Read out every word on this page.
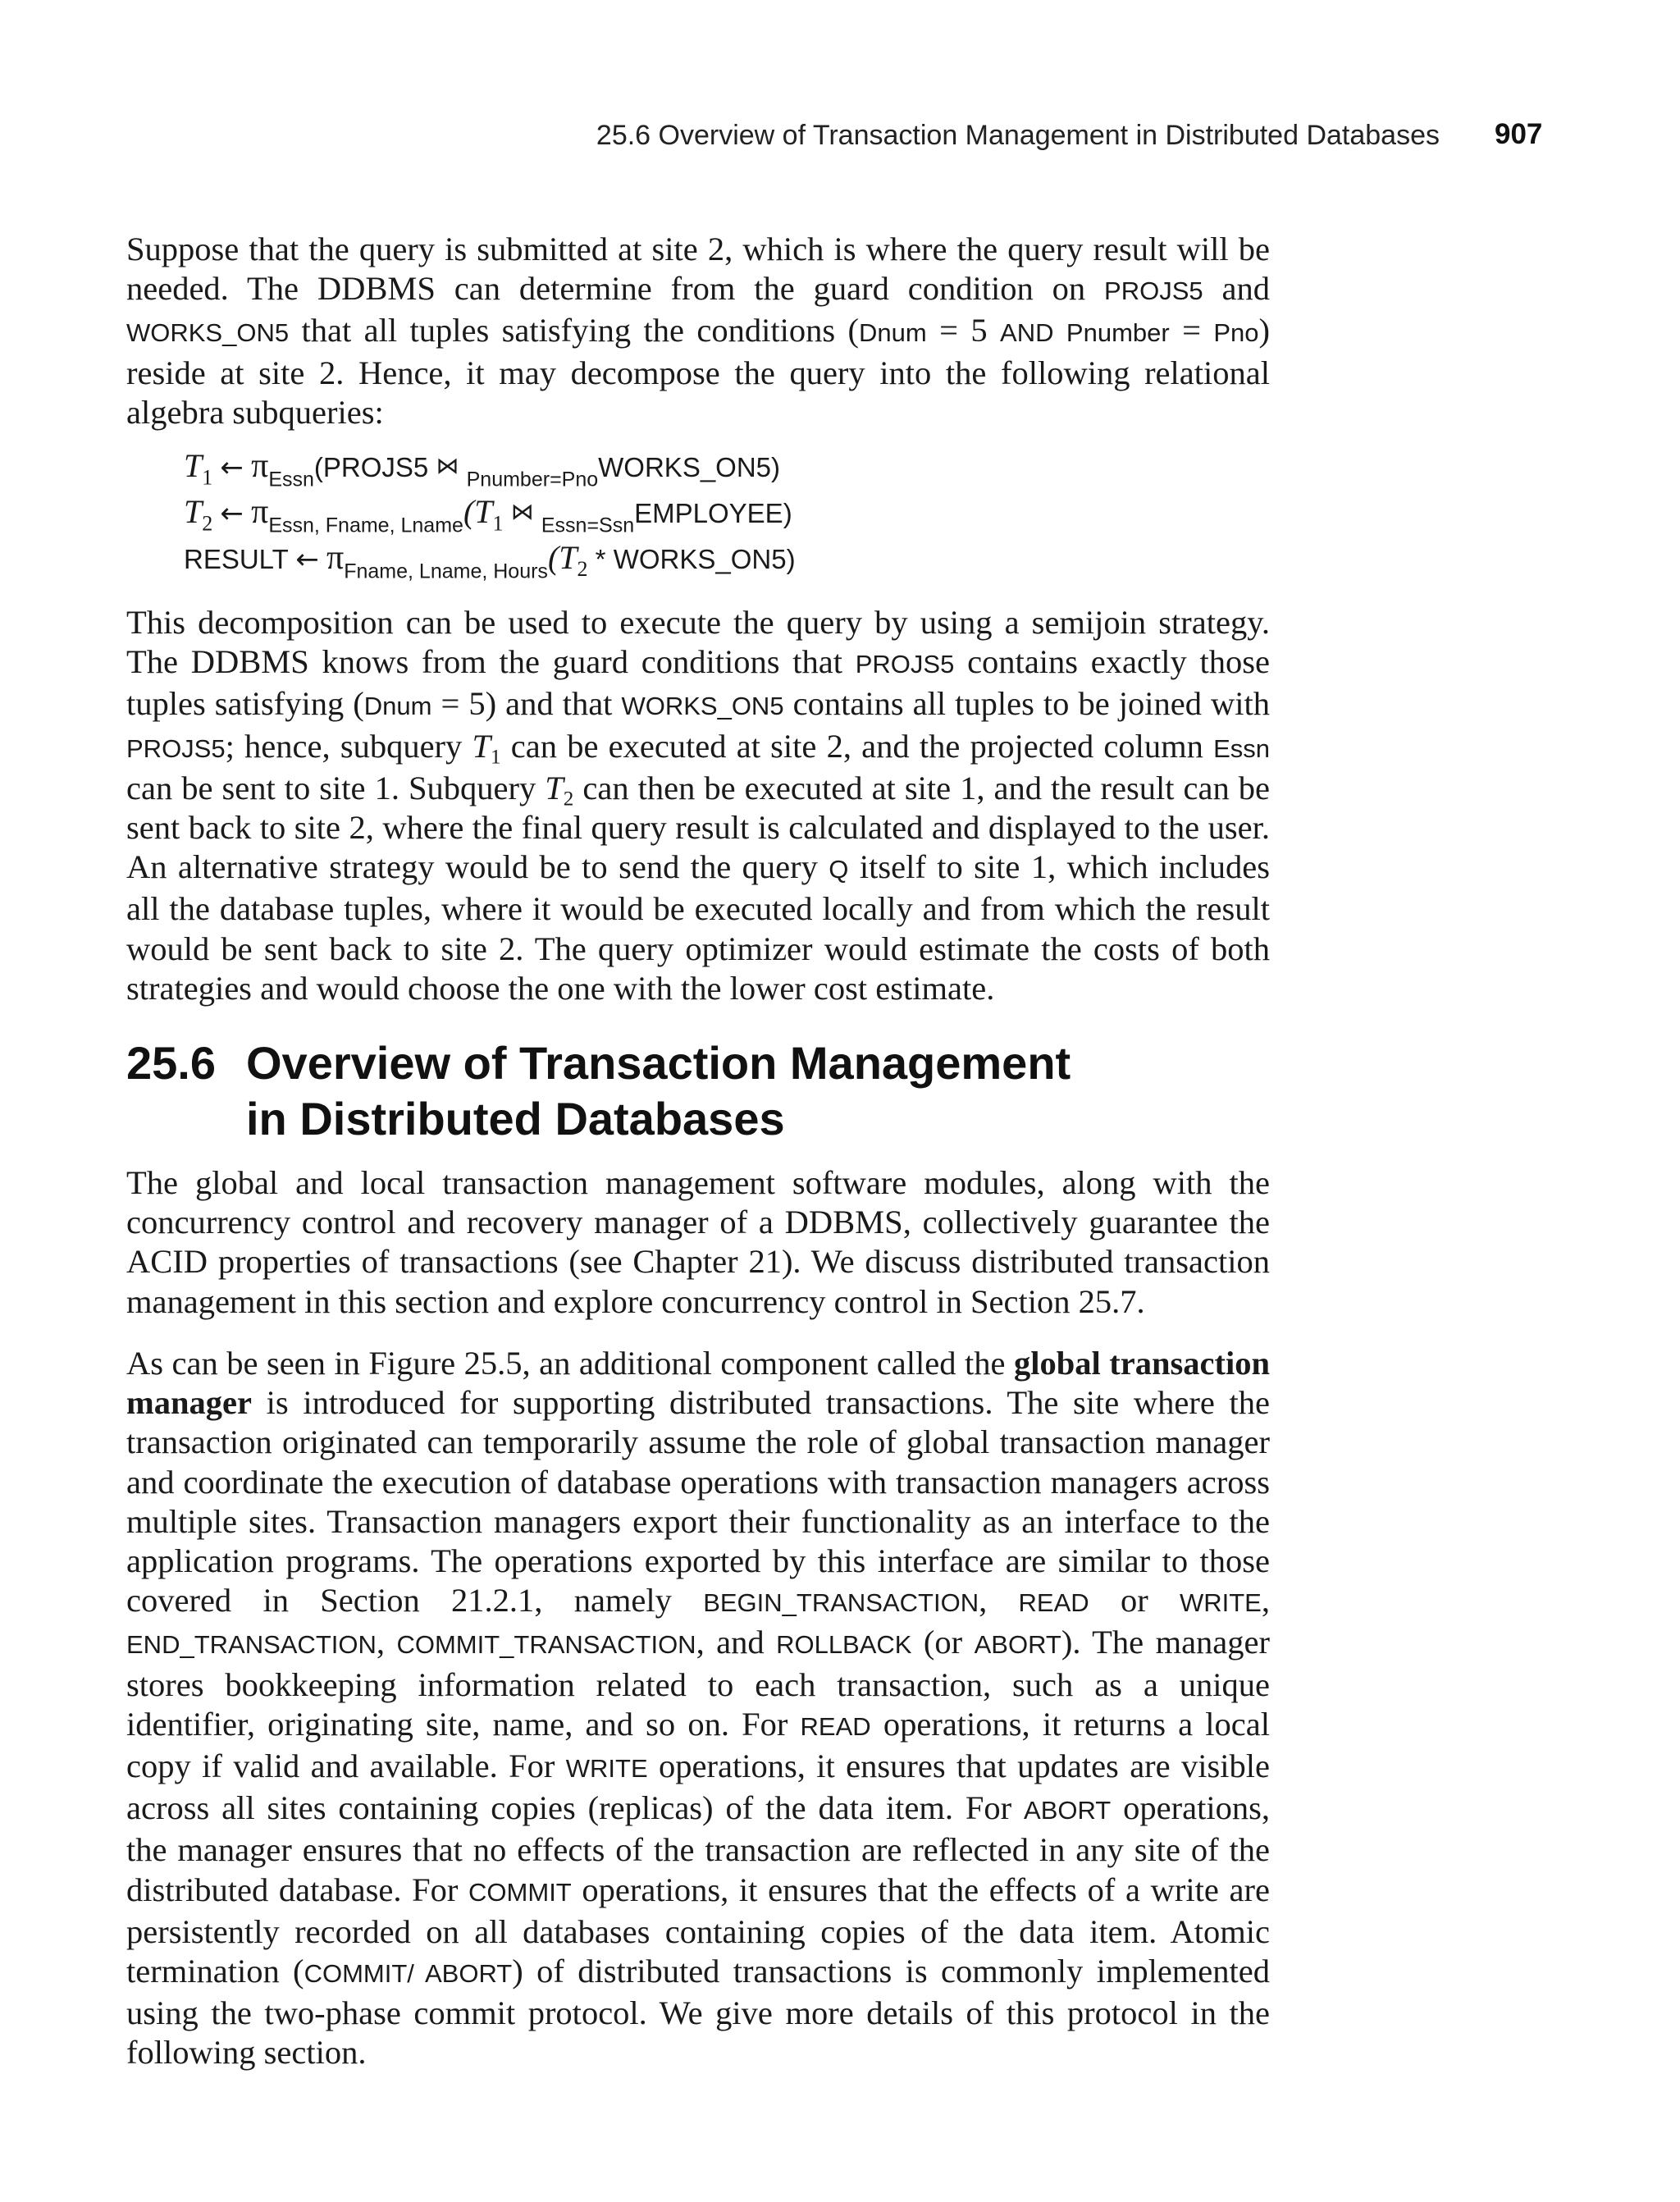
25.6 Overview of Transaction Management in Distributed Databases 907

Suppose that the query is submitted at site 2, which is where the query result will be needed. The DDBMS can determine from the guard condition on PROJS5 and WORKS_ON5 that all tuples satisfying the conditions (Dnum = 5 AND Pnumber = Pno) reside at site 2. Hence, it may decompose the query into the following relational algebra subqueries:

$T_1$ ← $\pi_{Essn}(PROJS5$ ⋈ $_{Pnumber=Pno}$WORKS_ON5)
$T_2$ ← $\pi_{Essn, Fname, Lname}(T_1$ ⋈ $_{Essn=Ssn}$EMPLOYEE)
RESULT ← $\pi_{Fname, Lname, Hours}(T_2$ * WORKS_ON5)

This decomposition can be used to execute the query by using a semijoin strategy. The DDBMS knows from the guard conditions that PROJS5 contains exactly those tuples satisfying (Dnum = 5) and that WORKS_ON5 contains all tuples to be joined with PROJS5; hence, subquery $T_1$ can be executed at site 2, and the projected column Essn can be sent to site 1. Subquery $T_2$ can then be executed at site 1, and the result can be sent back to site 2, where the final query result is calculated and displayed to the user. An alternative strategy would be to send the query Q itself to site 1, which includes all the database tuples, where it would be executed locally and from which the result would be sent back to site 2. The query optimizer would estimate the costs of both strategies and would choose the one with the lower cost estimate.

25.6 Overview of Transaction Management
in Distributed Databases

The global and local transaction management software modules, along with the concurrency control and recovery manager of a DDBMS, collectively guarantee the ACID properties of transactions (see Chapter 21). We discuss distributed transaction management in this section and explore concurrency control in Section 25.7.

As can be seen in Figure 25.5, an additional component called the global transaction manager is introduced for supporting distributed transactions. The site where the transaction originated can temporarily assume the role of global transaction manager and coordinate the execution of database operations with transaction managers across multiple sites. Transaction managers export their functionality as an interface to the application programs. The operations exported by this interface are similar to those covered in Section 21.2.1, namely BEGIN_TRANSACTION, READ or WRITE, END_TRANSACTION, COMMIT_TRANSACTION, and ROLLBACK (or ABORT). The manager stores bookkeeping information related to each transaction, such as a unique identifier, originating site, name, and so on. For READ operations, it returns a local copy if valid and available. For WRITE operations, it ensures that updates are visible across all sites containing copies (replicas) of the data item. For ABORT operations, the manager ensures that no effects of the transaction are reflected in any site of the distributed database. For COMMIT operations, it ensures that the effects of a write are persistently recorded on all databases containing copies of the data item. Atomic termination (COMMIT/ ABORT) of distributed transactions is commonly implemented using the two-phase commit protocol. We give more details of this protocol in the following section.
